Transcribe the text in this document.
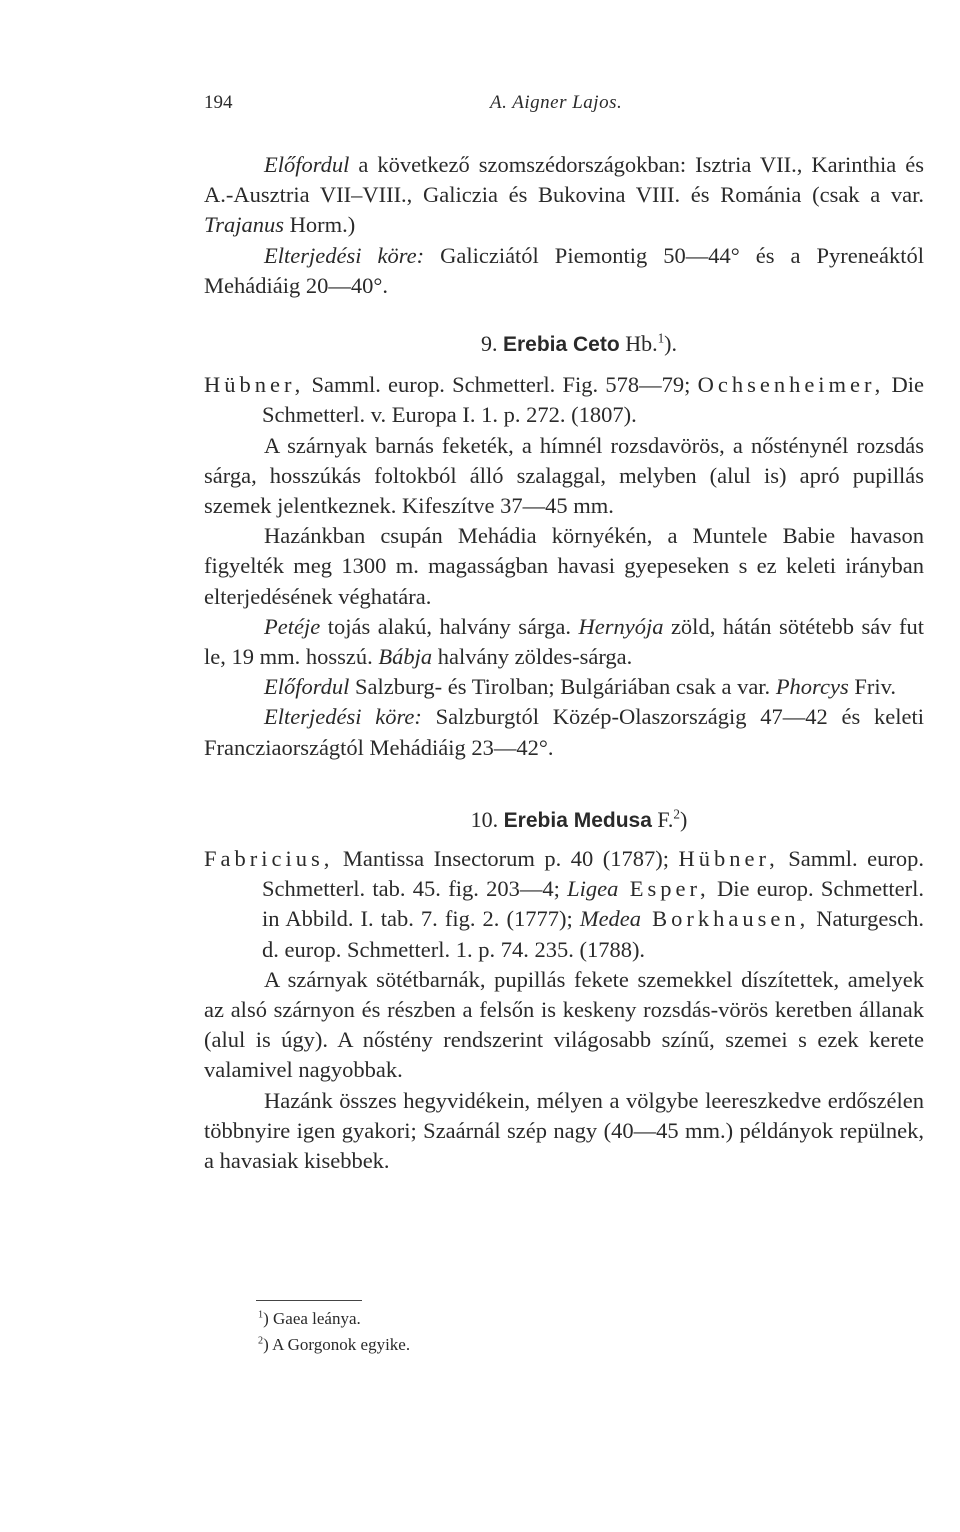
194	A. Aigner Lajos.

Előfordul a következő szomszédországokban: Isztria VII., Karinthia és A.-Ausztria VII–VIII., Galiczia és Bukovina VIII. és Románia (csak a var. Trajanus Horm.)

Elterjedési köre: Galicziától Piemontig 50—44° és a Pyreneáktól Mehádiáig 20—40°.

9. Erebia Ceto Hb.$^1$).

Hübner, Samml. europ. Schmetterl. Fig. 578—79; Ochsenheimer, Die Schmetterl. v. Europa I. 1. p. 272. (1807).

A szárnyak barnás feketék, a hímnél rozsdavörös, a nősténynél rozsdás sárga, hosszúkás foltokból álló szalaggal, melyben (alul is) apró pupillás szemek jelentkeznek. Kifeszítve 37—45 mm.

Hazánkban csupán Mehádia környékén, a Muntele Babie havason figyelték meg 1300 m. magasságban havasi gyepeseken s ez keleti irányban elterjedésének véghatára.

Petéje tojás alakú, halvány sárga. Hernyója zöld, hátán sötétebb sáv fut le, 19 mm. hosszú. Bábja halvány zöldes-sárga.

Előfordul Salzburg- és Tirolban; Bulgáriában csak a var. Phorcys Friv.

Elterjedési köre: Salzburgtól Közép-Olaszországig 47—42 és keleti Francziaországtól Mehádiáig 23—42°.

10. Erebia Medusa F.$^2$)

Fabricius, Mantissa Insectorum p. 40 (1787); Hübner, Samml. europ. Schmetterl. tab. 45. fig. 203—4; Ligea Esper, Die europ. Schmetterl. in Abbild. I. tab. 7. fig. 2. (1777); Medea Borkhausen, Naturgesch. d. europ. Schmetterl. 1. p. 74. 235. (1788).

A szárnyak sötétbarnák, pupillás fekete szemekkel díszítettek, amelyek az alsó szárnyon és részben a felsőn is keskeny rozsdás-vörös keretben állanak (alul is úgy). A nőstény rendszerint világosabb színű, szemei s ezek kerete valamivel nagyobbak.

Hazánk összes hegyvidékein, mélyen a völgybe leereszkedve erdőszélen többnyire igen gyakori; Szaárnál szép nagy (40—45 mm.) példányok repülnek, a havasiak kisebbek.

$^1$) Gaea leánya.
$^2$) A Gorgonok egyike.
